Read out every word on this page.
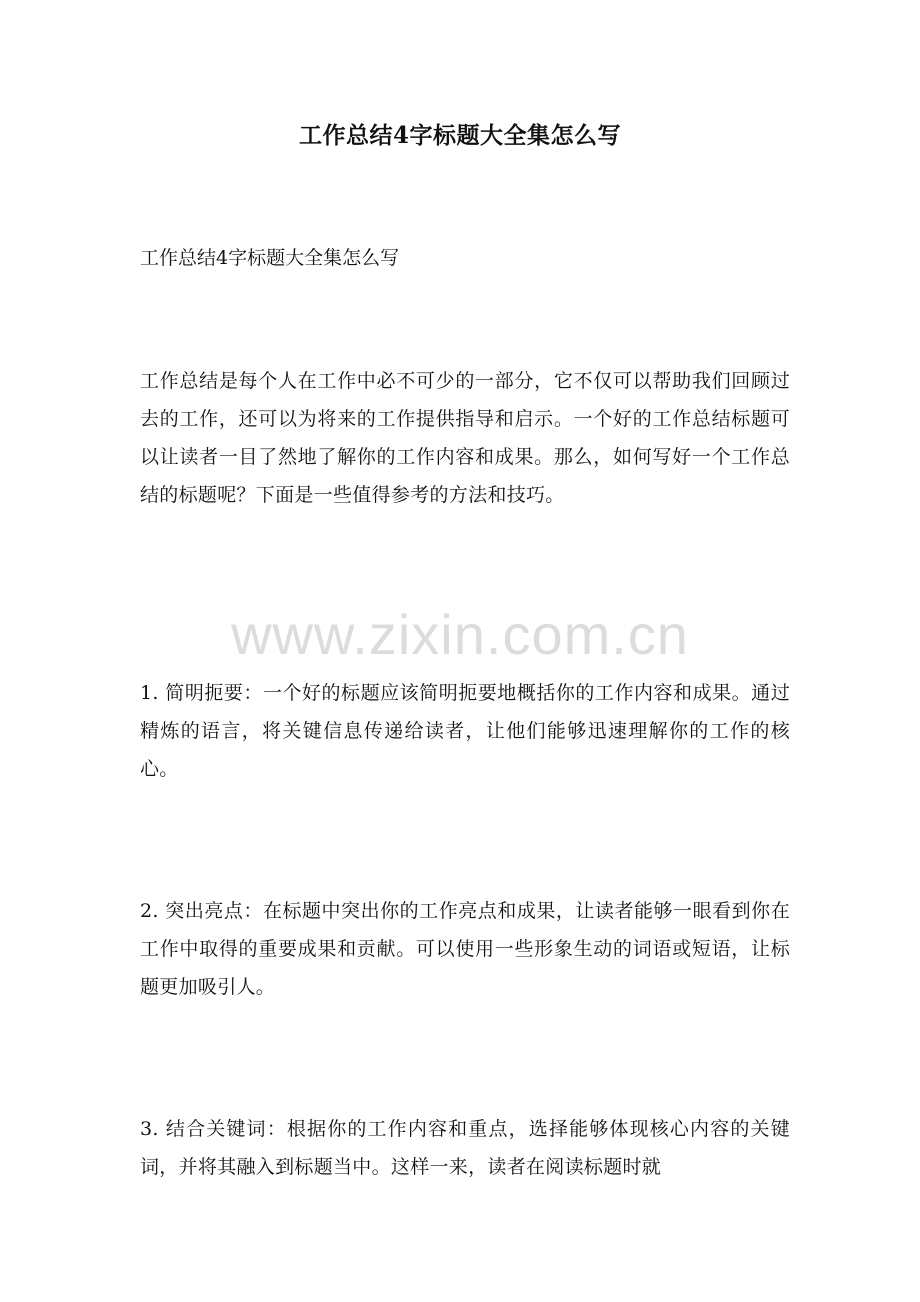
工作总结4字标题大全集怎么写
工作总结4字标题大全集怎么写
工作总结是每个人在工作中必不可少的一部分，它不仅可以帮助我们回顾过去的工作，还可以为将来的工作提供指导和启示。一个好的工作总结标题可以让读者一目了然地了解你的工作内容和成果。那么，如何写好一个工作总结的标题呢？下面是一些值得参考的方法和技巧。
www.zixin.com.cn
1. 简明扼要：一个好的标题应该简明扼要地概括你的工作内容和成果。通过精炼的语言，将关键信息传递给读者，让他们能够迅速理解你的工作的核心。
2. 突出亮点：在标题中突出你的工作亮点和成果，让读者能够一眼看到你在工作中取得的重要成果和贡献。可以使用一些形象生动的词语或短语，让标题更加吸引人。
3. 结合关键词：根据你的工作内容和重点，选择能够体现核心内容的关键词，并将其融入到标题当中。这样一来，读者在阅读标题时就
